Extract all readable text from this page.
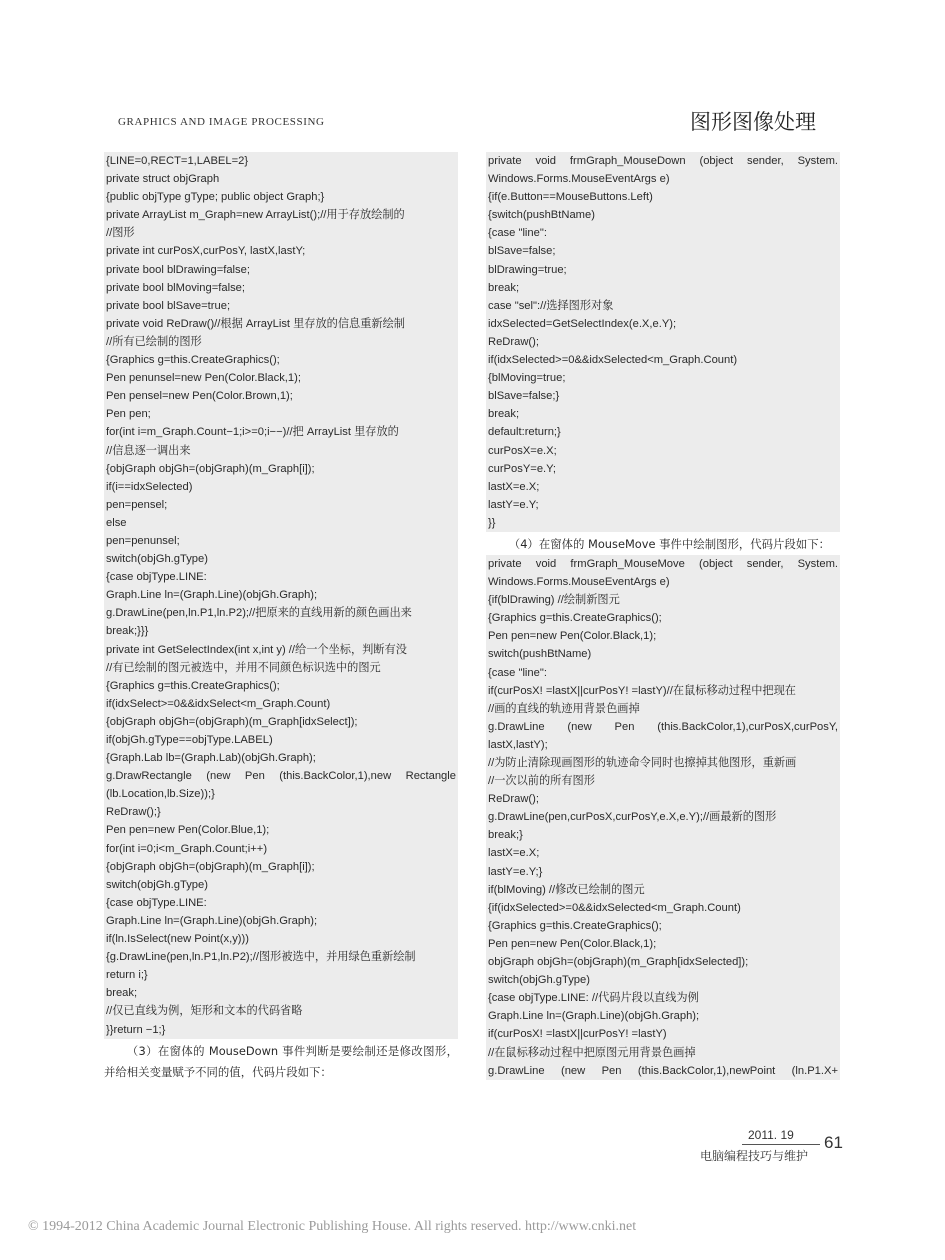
GRAPHICS AND IMAGE PROCESSING	图形图像处理
{LINE=0,RECT=1,LABEL=2}
private struct objGraph
{public objType gType; public object Graph;}
private ArrayList m_Graph=new ArrayList();//用于存放绘制的
//图形
private int curPosX,curPosY, lastX,lastY;
private bool blDrawing=false;
private bool blMoving=false;
private bool blSave=true;
private void ReDraw()//根据 ArrayList 里存放的信息重新绘制
//所有已绘制的图形
{Graphics g=this.CreateGraphics();
Pen penunsel=new Pen(Color.Black,1);
Pen pensel=new Pen(Color.Brown,1);
Pen pen;
for(int i=m_Graph.Count−1;i>=0;i−−)//把 ArrayList 里存放的
//信息逐一调出来
{objGraph objGh=(objGraph)(m_Graph[i]);
if(i==idxSelected)
pen=pensel;
else
pen=penunsel;
switch(objGh.gType)
{case objType.LINE:
Graph.Line ln=(Graph.Line)(objGh.Graph);
g.DrawLine(pen,ln.P1,ln.P2);//把原来的直线用新的颜色画出来
break;}}}
private int GetSelectIndex(int x,int y) //给一个坐标，判断有没
//有已绘制的图元被选中，并用不同颜色标识选中的图元
{Graphics g=this.CreateGraphics();
if(idxSelect>=0&&idxSelect<m_Graph.Count)
{objGraph objGh=(objGraph)(m_Graph[idxSelect]);
if(objGh.gType==objType.LABEL)
{Graph.Lab lb=(Graph.Lab)(objGh.Graph);
g.DrawRectangle (new Pen (this.BackColor,1),new Rectangle
(lb.Location,lb.Size));}
ReDraw();}
Pen pen=new Pen(Color.Blue,1);
for(int i=0;i<m_Graph.Count;i++)
{objGraph objGh=(objGraph)(m_Graph[i]);
switch(objGh.gType)
{case objType.LINE:
Graph.Line ln=(Graph.Line)(objGh.Graph);
if(ln.IsSelect(new Point(x,y)))
{g.DrawLine(pen,ln.P1,ln.P2);//图形被选中，并用绿色重新绘制
return i;}
break;
//仅已直线为例，矩形和文本的代码省略
}}return −1;}
（3）在窗体的 MouseDown 事件判断是要绘制还是修改图形，并给相关变量赋予不同的值，代码片段如下：
private void frmGraph_MouseDown (object sender, System.
Windows.Forms.MouseEventArgs e)
{if(e.Button==MouseButtons.Left)
{switch(pushBtName)
{case "line":
blSave=false;
blDrawing=true;
break;
case "sel"://选择图形对象
idxSelected=GetSelectIndex(e.X,e.Y);
ReDraw();
if(idxSelected>=0&&idxSelected<m_Graph.Count)
{blMoving=true;
blSave=false;}
break;
default:return;}
curPosX=e.X;
curPosY=e.Y;
lastX=e.X;
lastY=e.Y;
}}
（4）在窗体的 MouseMove 事件中绘制图形，代码片段如下：
private void frmGraph_MouseMove (object sender, System.
Windows.Forms.MouseEventArgs e)
{if(blDrawing) //绘制新图元
{Graphics g=this.CreateGraphics();
Pen pen=new Pen(Color.Black,1);
switch(pushBtName)
{case "line":
if(curPosX! =lastX||curPosY! =lastY)//在鼠标移动过程中把现在
//画的直线的轨迹用背景色画掉
g.DrawLine (new Pen (this.BackColor,1),curPosX,curPosY,
lastX,lastY);
//为防止清除现画图形的轨迹命令同时也擦掉其他图形，重新画
//一次以前的所有图形
ReDraw();
g.DrawLine(pen,curPosX,curPosY,e.X,e.Y);//画最新的图形
break;}
lastX=e.X;
lastY=e.Y;}
if(blMoving) //修改已绘制的图元
{if(idxSelected>=0&&idxSelected<m_Graph.Count)
{Graphics g=this.CreateGraphics();
Pen pen=new Pen(Color.Black,1);
objGraph objGh=(objGraph)(m_Graph[idxSelected]);
switch(objGh.gType)
{case objType.LINE: //代码片段以直线为例
Graph.Line ln=(Graph.Line)(objGh.Graph);
if(curPosX! =lastX||curPosY! =lastY)
//在鼠标移动过程中把原图元用背景色画掉
g.DrawLine (new Pen (this.BackColor,1),newPoint (ln.P1.X+
2011. 19
电脑编程技巧与维护
61
© 1994-2012 China Academic Journal Electronic Publishing House. All rights reserved. http://www.cnki.net
